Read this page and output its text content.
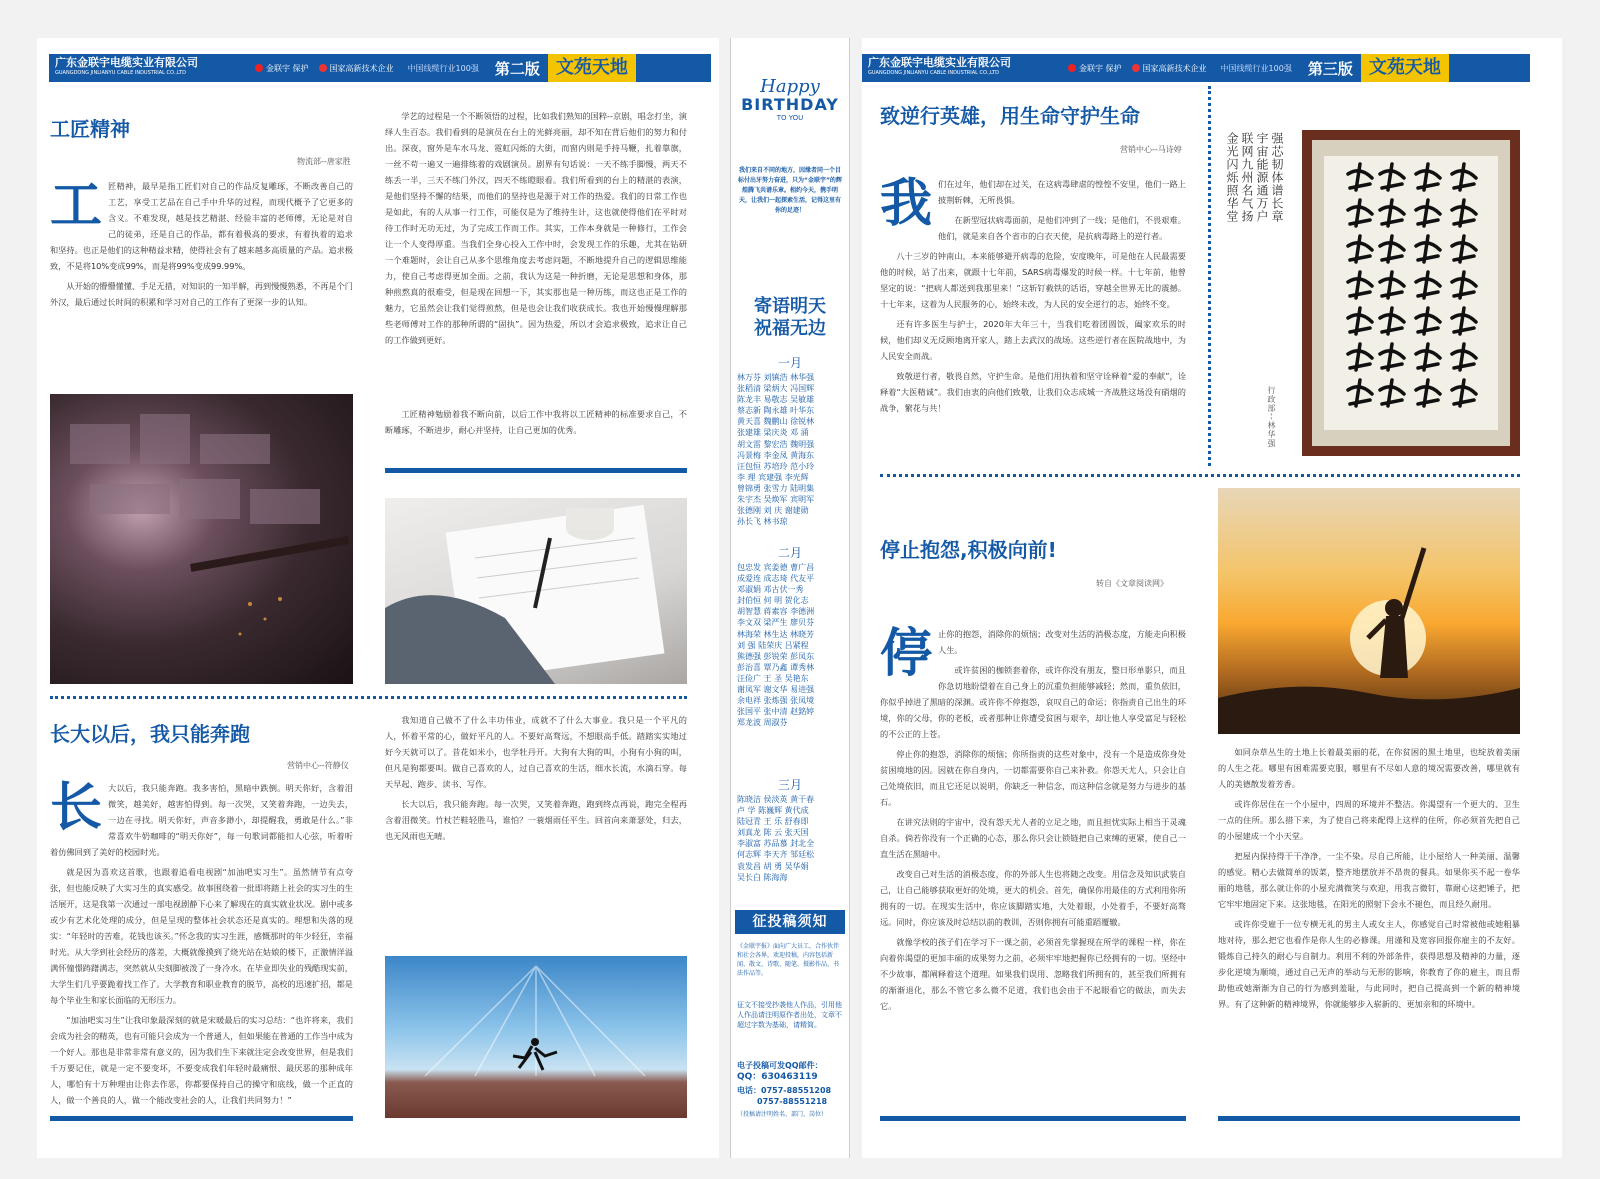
广东金联宇电缆实业有限公司
GUANGDONG JINLIANYU CABLE INDUSTRIAL CO.,LTD
金联宇 保护	国家高新技术企业 中国线缆行业100强 第二版 文苑天地
工匠精神
物流部--唐家胜
工 匠精神，最早是指工匠们对自己的作品反复雕琢，不断改善自己的工艺，享受工艺品在自己手中升华的过程，而现代概予了它更多的含义。不难发现，越是技艺精湛、经验丰富的老师傅，无论是对自己的徒弟，还是自己的作品，都有着极高的要求，有着执着的追求和坚持。也正是他们的这种精益求精，使得社会有了越来越多高质量的产品。追求极致，不是将10%变成99%，而是将99%变成99.99%。

从开始的懵懵懂懂、手足无措，对知识的一知半解，再到慢慢熟悉，不再是个门外汉，最后通过长时间的积累和学习对自己的工作有了更深一步的认知。

学艺的过程是一个不断领悟的过程，比如我们熟知的国粹--京剧，唱念打坐，演绎人生百态。我们看到的是演员在台上的光鲜亮丽，却不知在背后他们的努力和付出。深夜，窗外是车水马龙、霓虹闪烁的大街，而窗内则是手持马鞭，扎着靠旗，一丝不苟一遍又一遍排练着的戏剧演员。剧界有句话说：一天不练手脚慢，两天不练丢一半，三天不练门外汉，四天不练瞪眼看。我们所看到的台上的精湛的表演，是他们坚持不懈的结果，而他们的坚持也是源于对工作的热爱。我们的日常工作也是如此，有的人从事一行工作，可能仅是为了维持生计，这也就使得他们在平时对待工作时无功无过，为了完成工作而工作。其实，工作本身就是一种修行，工作会让一个人变得厚重。当我们全身心投入工作中时，会发现工作的乐趣，尤其在钻研一个难题时，会让自己从多个思维角度去考虑问题，不断地提升自己的逻辑思维能力，使自己考虑得更加全面。之前，我认为这是一种折磨，无论是思想和身体，那种煎熬真的很难受，但是现在回想一下，其实那也是一种历练，而这也正是工作的魅力，它虽然会让我们觉得煎熬，但是也会让我们收获成长。我也开始慢慢理解那些老师傅对工作的那种所谓的“固执”。因为热爱，所以才会追求极致，追求让自己的工作做到更好。

工匠精神勉励着我不断向前，以后工作中我将以工匠精神的标准要求自己，不断雕琢，不断进步，耐心并坚持，让自己更加的优秀。

长大以后，我只能奔跑
营销中心--符静仪
长 大以后，我只能奔跑。我多害怕，黑暗中跌倒。明天你好，含着泪微笑，越美好，越害怕得到。每一次哭，又笑着奔跑，一边失去，一边在寻找。明天你好，声音多渺小，却提醒我，勇敢是什么。”非常喜欢牛奶咖啡的“明天你好”，每一句歌词都能扣人心弦，听着听着仿佛回到了美好的校园时光。

就是因为喜欢这首歌，也跟着追看电视剧“加油吧实习生”。虽然情节有点夸张，但也能反映了大实习生的真实感受。故事围绕着一批即将踏上社会的实习生的生活展开，这是我第一次通过一部电视剧静下心来了解现在的真实就业状况。剧中或多或少有艺术化处理的成分，但是呈现的整体社会状态还是真实的。理想和失落的现实：“年轻时的苦难，花钱也该买。”怀念我的实习生涯，感慨那时的年少轻狂，幸福时光。从大学到社会经历的落差，大概就像摸到了烧光站在姑娘的楼下，正激情洋溢满怀憧憬踌躇满志，突然就从尖刻脚被泼了一身冷水。在毕业即失业的残酷现实前，大学生们几乎要跪着找工作了。大学教育和职业教育的脱节，高校的迅速扩招，都是每个毕业生和家长面临的无形压力。

“加油吧实习生”让我印象最深刻的就是宋暖最后的实习总结：“也许将来，我们会成为社会的精英，也有可能只会成为一个普通人，但如果能在普通的工作当中成为一个好人。那也是非常非常有意义的，因为我们生下来就注定会改变世界，但是我们千万要记住，就是一定不要变坏，不要变成我们年轻时最痛恨、最厌恶的那种成年人，哪怕有十万种理由让你去作恶，你都要保持自己的操守和底线，做一个正直的人，做一个善良的人，做一个能改变社会的人，让我们共同努力！”

我知道自己做不了什么丰功伟业，成就不了什么大事业。我只是一个平凡的人，怀着平常的心，做好平凡的人。不要好高骛远，不想眼高手低。踏踏实实地过好今天就可以了。昔花如米小，也学牡丹开。大狗有大狗的叫，小狗有小狗的叫，但凡是狗都要叫。做自己喜欢的人，过自己喜欢的生活，细水长流，水滴石穿。每天早起、跑步、读书、写作。

长大以后，我只能奔跑。每一次哭，又笑着奔跑，跑到终点再说，跑完全程再含着泪微笑。竹杖芒鞋轻胜马，谁怕？一蓑烟雨任平生。回首向来萧瑟处，归去，也无风雨也无晴。

Happy
BIRTHDAY
TO YOU
我们来自不同的地方，因缘者同一个目标付出牙努力奋进，只为“金联宇”的辉煌腾飞共谱乐章。相约今天，携手明天，让我们一起探索生活，记得这里有你的足迹！
寄语明天
祝福无边
一月
林万芬 刘镇浩 林华强
张稻清 梁炳大 冯国辉
陈龙丰 易敬志 吴敏雄
蔡志新 陶永雄 叶华东
黄天喜 魏鹏山 徐锐林
张建雄 梁庆炎 邓 涌
胡文雷 黎宏浩 魏明强
冯景梅 李金凤 黄海东
汪包恒 苏培玲 范小玲
李 理 宾建强 李光辉
曾锦勇 张雪力 陆明集
朱宇杰 吴焕军 宾明军
张德刚 刘 庆 谢建勋
孙长飞 林书琼
二月
包忠发 宾姜德 曹广昌
成爱连 成志琦 代友平
邓淑娟 邓古伏一秀
封伯恒 何 明 贺化志
胡智慧 蒋素容 李德洲
李文双 梁严生 廖贝芬
林海荣 林生达 林晓芳
刘 强 陆荣庆 吕紧程
熊德强 彭锐荣 彭凤东
彭治喜 覃乃鑫 谭秀林
汪俭广 王 圣 吴艳东
谢凤军 谢文华 易进强
余电祥 张炼强 张凤境
张国平 张中清 赵銘婷
郑龙波 周淑芬
三月
陈晓洁 侯淡英 黄干春
卢 学 陈巍辉 黄代成
陆冠青 王 乐 舒春即
刘真龙 陈 云 张天国
李淑富 苏品慕 封北全
何志辉 李天齐 邹廷松
袁发昌 胡 勇 吴华娟
吴长白 陈海海
征投稿须知
《金联宇报》面向广大员工，合作伙伴和社会各界，欢迎投稿，内容包括新闻、散文、诗歌、随笔、摄影作品、书法作品等。
征文不接受抄袭他人作品，引用他人作品请注明原作者出处，文章不超过字数为基础，请精简。
电子投稿可发QQ邮件：
QQ：630463119
电话：0757-88551208
0757-88551218
（投稿请注明姓名、部门、岗位）
广东金联宇电缆实业有限公司
GUANGDONG JINLIANYU CABLE INDUSTRIAL CO.,LTD
金联宇 保护	国家高新技术企业 中国线缆行业100强 第三版 文苑天地
致逆行英雄，用生命守护生命
营销中心--马诗婷
我 们在过年，他们却在过关，在这病毒肆虐的惶惶不安里，他们一路上披荆斩棘，无所畏惧。

在新型冠状病毒面前，是他们冲到了一线；是他们，不畏艰难。他们，就是来自各个省市的白衣天使，是抗病毒路上的逆行者。

八十三岁的钟南山，本来能够避开病毒的危险，安度晚年，可是他在人民最需要他的时候，站了出来，就跟十七年前，SARS病毒爆发的时候一样。十七年前，他曾坚定的说：“把病人都送到我那里来！”这斩钉截铁的话语，穿越全世界无比的震撼。十七年来，这着为人民服务的心，始终未改，为人民的安全逆行的志，始终不变。

还有许多医生与护士，2020年大年三十，当我们吃着团圆饭，阖家欢乐的时候，他们却义无反顾地离开家人，踏上去武汉的战场。这些逆行者在医院战地中，为人民安全而战。

致敬逆行者，敬畏自然，守护生命。是他们用执着和坚守诠释着“爱的奉献”，诠释着“大医精诚”。我们由衷的向他们致敬，让我们众志成城一齐战胜这场没有硝烟的战争，繁花与共！

强芯韧体谱长章
宇宙能源通万户
联网九州名气扬
金光闪烁照华堂
行政部--林华强
停止抱怨,积极向前!
转自《文章阅读网》
停 止你的抱怨，消除你的烦恼；改变对生活的消极态度，方能走向积极人生。

或许贫困的枷锁套着你，或许你没有朋友，整日形单影只，而且你急切地盼望着在自己身上的沉重负担能够减轻；然而，重负依旧，你似乎掉进了黑暗的深渊。或许你不停抱怨，哀叹自己的命运；你指责自己出生的环境，你的父母，你的老板，或者那种让你遭受贫困与艰辛，却让他人享受富足与轻松的不公正的上苍。

停止你的抱怨，消除你的烦恼；你所指责的这些对象中，没有一个是造成你身处贫困境地的因。因就在你自身内，一切都需要你自己来补救。你怨天尤人，只会让自己处境依旧，而且它还足以说明，你缺乏一种信念，而这种信念就是努力与进步的基石。

在讲究法则的宇宙中，没有怨天尤人者的立足之地，而且担忧实际上相当于灵魂自杀。倘若你没有一个正确的心态，那么你只会让锁链把自己束缚的更紧，使自己一直生活在黑暗中。

改变自己对生活的消极态度，你的外部人生也将随之改变。用信念及知识武装自己，让自己能够获取更好的处境，更大的机会。首先，确保你用最佳的方式利用你所拥有的一切。在现实生活中，你应该脚踏实地，大处着眼，小处着手，不要好高骛远。同时，你应该及时总结以前的教训，否则你拥有可能重蹈覆辙。

就像学校的孩子们在学习下一课之前，必须首先掌握现在所学的课程一样，你在向着你渴望的更加丰硕的成果努力之前，必须牢牢地把握你已经拥有的一切。坚经中不少故事，都阐释着这个道理。如果我们误用、忽略我们所拥有的，甚至我们所拥有的渐渐退化，那么不管它多么微不足道，我们也会由于不起眼看它的做法，而失去它。

如同杂草丛生的土地上长着最美丽的花，在你贫困的黑土地里，也绽放着美丽的人生之花。哪里有困难需要克服，哪里有不尽如人意的境况需要改善，哪里就有人的美德散发着芳香。

或许你居住在一个小屋中，四周的环境并不整洁。你渴望有一个更大的、卫生一点的住所。那么措下来，为了使自己将来配得上这样的住所，你必须首先把自己的小屋建成一个小天堂。

把屋内保持得干干净净，一尘不染。尽自己所能，让小屋给人一种美丽、温馨的感觉。精心去做简单的饭菜，整齐地摆放并不昂贵的餐具。如果你买不起一卷华丽的地毯，那么就让你的小屋充满微笑与欢迎，用我言微钉，靠耐心这把锤子，把它牢牢地固定下来。这张地毯，在阳光的照射下会永不褪色，而且经久耐用。

或许你受雇于一位专横无礼的男主人或女主人，你感觉自己时常被他或她粗暴地对待，那么把它也看作是你人生的必修课。用谨和及宽容回报你雇主的不友好。锻炼自己持久的耐心与自制力。利用不利的外部条件，获得思想及精神的力量，逐步化逆境为顺境，通过自己无声的举动与无形的影响，你教育了你的雇主，而且帮助他或她渐渐为自己的行为感到羞耻，与此同时，把自己提高到一个新的精神境界。有了这种新的精神境界，你就能够步入崭新的、更加亲和的环境中。
